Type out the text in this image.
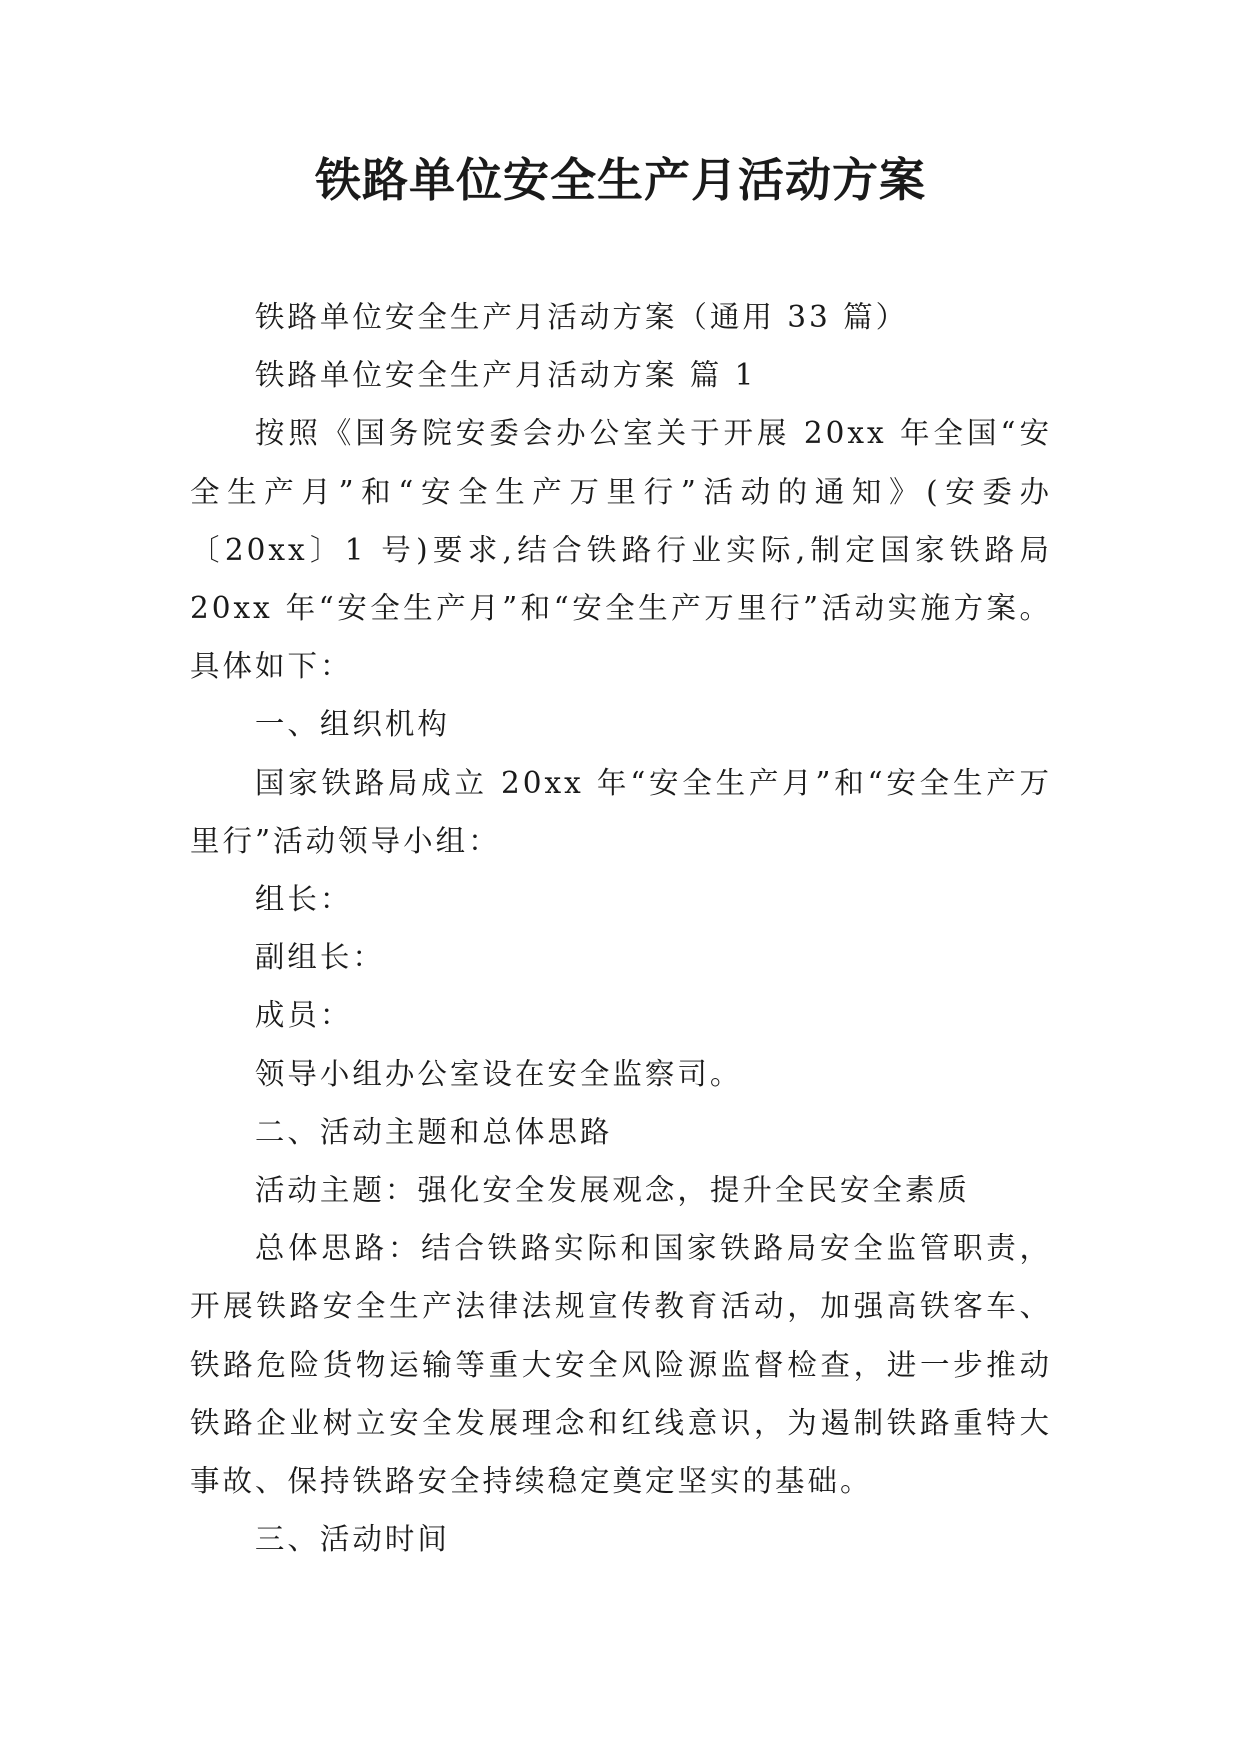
铁路单位安全生产月活动方案

铁路单位安全生产月活动方案（通用 33 篇）

铁路单位安全生产月活动方案 篇 1

按照《国务院安委会办公室关于开展 20xx 年全国“安全生产月”和“安全生产万里行”活动的通知》(安委办〔20xx〕1 号)要求,结合铁路行业实际,制定国家铁路局 20xx 年“安全生产月”和“安全生产万里行”活动实施方案。具体如下：

一、组织机构

国家铁路局成立 20xx 年“安全生产月”和“安全生产万里行”活动领导小组：

组长：

副组长：

成员：

领导小组办公室设在安全监察司。

二、活动主题和总体思路

活动主题：强化安全发展观念，提升全民安全素质

总体思路：结合铁路实际和国家铁路局安全监管职责，开展铁路安全生产法律法规宣传教育活动，加强高铁客车、铁路危险货物运输等重大安全风险源监督检查，进一步推动铁路企业树立安全发展理念和红线意识，为遏制铁路重特大事故、保持铁路安全持续稳定奠定坚实的基础。

三、活动时间
